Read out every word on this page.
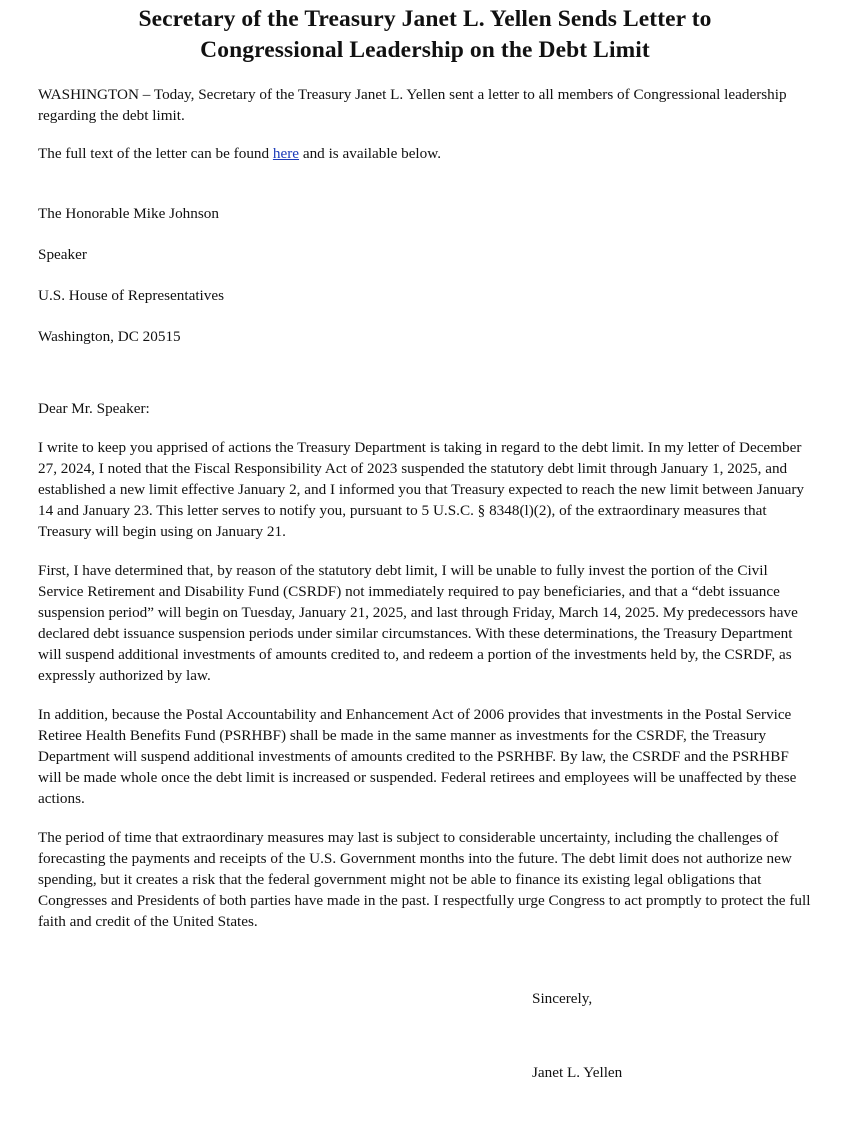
Secretary of the Treasury Janet L. Yellen Sends Letter to
Congressional Leadership on the Debt Limit

WASHINGTON – Today, Secretary of the Treasury Janet L. Yellen sent a letter to all members of Congressional leadership regarding the debt limit.

The full text of the letter can be found here and is available below.

The Honorable Mike Johnson

Speaker

U.S. House of Representatives

Washington, DC 20515

Dear Mr. Speaker:

I write to keep you apprised of actions the Treasury Department is taking in regard to the debt limit. In my letter of December 27, 2024, I noted that the Fiscal Responsibility Act of 2023 suspended the statutory debt limit through January 1, 2025, and established a new limit effective January 2, and I informed you that Treasury expected to reach the new limit between January 14 and January 23. This letter serves to notify you, pursuant to 5 U.S.C. § 8348(l)(2), of the extraordinary measures that Treasury will begin using on January 21.

First, I have determined that, by reason of the statutory debt limit, I will be unable to fully invest the portion of the Civil Service Retirement and Disability Fund (CSRDF) not immediately required to pay beneficiaries, and that a “debt issuance suspension period” will begin on Tuesday, January 21, 2025, and last through Friday, March 14, 2025. My predecessors have declared debt issuance suspension periods under similar circumstances. With these determinations, the Treasury Department will suspend additional investments of amounts credited to, and redeem a portion of the investments held by, the CSRDF, as expressly authorized by law.

In addition, because the Postal Accountability and Enhancement Act of 2006 provides that investments in the Postal Service Retiree Health Benefits Fund (PSRHBF) shall be made in the same manner as investments for the CSRDF, the Treasury Department will suspend additional investments of amounts credited to the PSRHBF. By law, the CSRDF and the PSRHBF will be made whole once the debt limit is increased or suspended. Federal retirees and employees will be unaffected by these actions.

The period of time that extraordinary measures may last is subject to considerable uncertainty, including the challenges of forecasting the payments and receipts of the U.S. Government months into the future. The debt limit does not authorize new spending, but it creates a risk that the federal government might not be able to finance its existing legal obligations that Congresses and Presidents of both parties have made in the past. I respectfully urge Congress to act promptly to protect the full faith and credit of the United States.

Sincerely,

Janet L. Yellen
